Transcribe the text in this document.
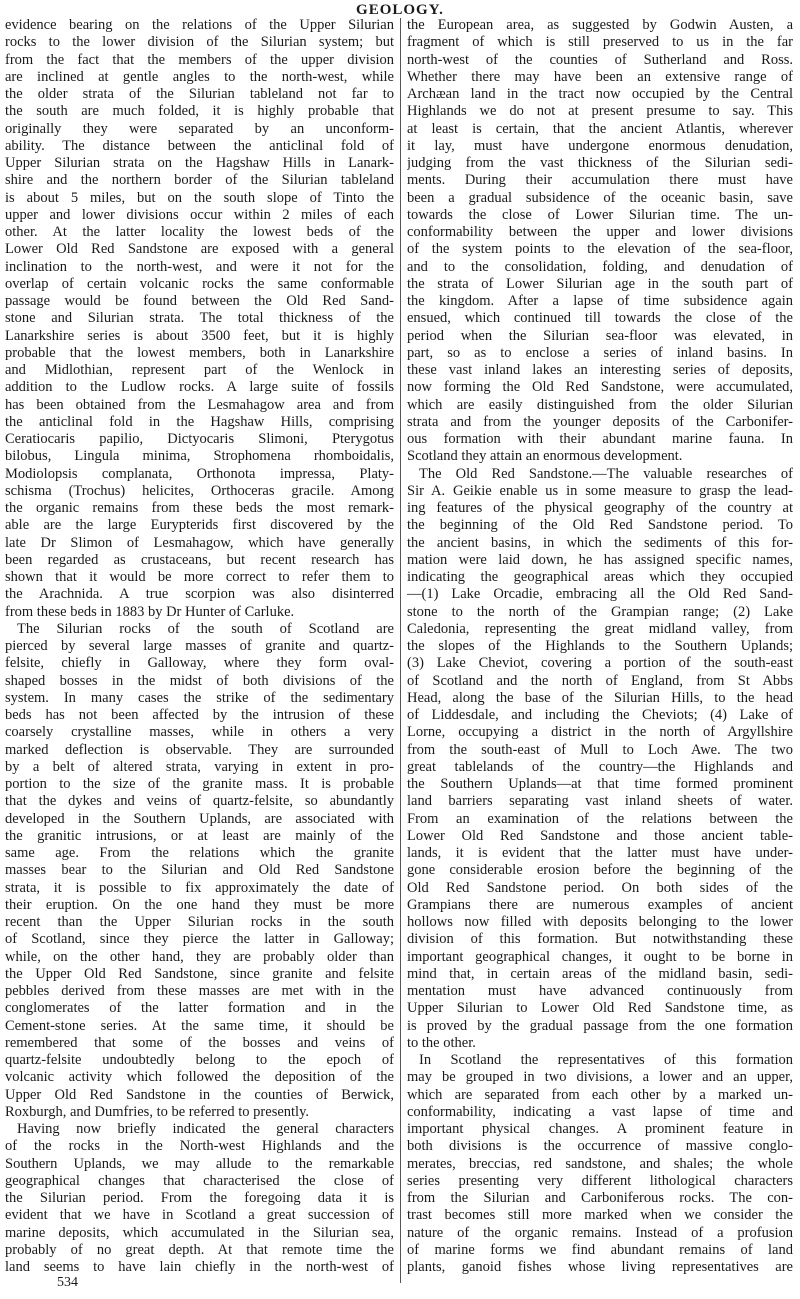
GEOLOGY.
evidence bearing on the relations of the Upper Silurian
rocks to the lower division of the Silurian system; but
from the fact that the members of the upper division
are inclined at gentle angles to the north-west, while
the older strata of the Silurian tableland not far to
the south are much folded, it is highly probable that
originally they were separated by an unconform-
ability. The distance between the anticlinal fold of
Upper Silurian strata on the Hagshaw Hills in Lanark-
shire and the northern border of the Silurian tableland
is about 5 miles, but on the south slope of Tinto the
upper and lower divisions occur within 2 miles of each
other. At the latter locality the lowest beds of the
Lower Old Red Sandstone are exposed with a general
inclination to the north-west, and were it not for the
overlap of certain volcanic rocks the same conformable
passage would be found between the Old Red Sand-
stone and Silurian strata. The total thickness of the
Lanarkshire series is about 3500 feet, but it is highly
probable that the lowest members, both in Lanarkshire
and Midlothian, represent part of the Wenlock in
addition to the Ludlow rocks. A large suite of fossils
has been obtained from the Lesmahagow area and from
the anticlinal fold in the Hagshaw Hills, comprising
Ceratiocaris papilio, Dictyocaris Slimoni, Pterygotus
bilobus, Lingula minima, Strophomena rhomboidalis,
Modiolopsis complanata, Orthonota impressa, Platy-
schisma (Trochus) helicites, Orthoceras gracile. Among
the organic remains from these beds the most remark-
able are the large Eurypterids first discovered by the
late Dr Slimon of Lesmahagow, which have generally
been regarded as crustaceans, but recent research has
shown that it would be more correct to refer them to
the Arachnida. A true scorpion was also disinterred
from these beds in 1883 by Dr Hunter of Carluke.
The Silurian rocks of the south of Scotland are
pierced by several large masses of granite and quartz-
felsite, chiefly in Galloway, where they form oval-
shaped bosses in the midst of both divisions of the
system. In many cases the strike of the sedimentary
beds has not been affected by the intrusion of these
coarsely crystalline masses, while in others a very
marked deflection is observable. They are surrounded
by a belt of altered strata, varying in extent in pro-
portion to the size of the granite mass. It is probable
that the dykes and veins of quartz-felsite, so abundantly
developed in the Southern Uplands, are associated with
the granitic intrusions, or at least are mainly of the
same age. From the relations which the granite
masses bear to the Silurian and Old Red Sandstone
strata, it is possible to fix approximately the date of
their eruption. On the one hand they must be more
recent than the Upper Silurian rocks in the south
of Scotland, since they pierce the latter in Galloway;
while, on the other hand, they are probably older than
the Upper Old Red Sandstone, since granite and felsite
pebbles derived from these masses are met with in the
conglomerates of the latter formation and in the
Cement-stone series. At the same time, it should be
remembered that some of the bosses and veins of
quartz-felsite undoubtedly belong to the epoch of
volcanic activity which followed the deposition of the
Upper Old Red Sandstone in the counties of Berwick,
Roxburgh, and Dumfries, to be referred to presently.
Having now briefly indicated the general characters
of the rocks in the North-west Highlands and the
Southern Uplands, we may allude to the remarkable
geographical changes that characterised the close of
the Silurian period. From the foregoing data it is
evident that we have in Scotland a great succession of
marine deposits, which accumulated in the Silurian sea,
probably of no great depth. At that remote time the
land seems to have lain chiefly in the north-west of
the European area, as suggested by Godwin Austen, a
fragment of which is still preserved to us in the far
north-west of the counties of Sutherland and Ross.
Whether there may have been an extensive range of
Archæan land in the tract now occupied by the Central
Highlands we do not at present presume to say. This
at least is certain, that the ancient Atlantis, wherever
it lay, must have undergone enormous denudation,
judging from the vast thickness of the Silurian sedi-
ments. During their accumulation there must have
been a gradual subsidence of the oceanic basin, save
towards the close of Lower Silurian time. The un-
conformability between the upper and lower divisions
of the system points to the elevation of the sea-floor,
and to the consolidation, folding, and denudation of
the strata of Lower Silurian age in the south part of
the kingdom. After a lapse of time subsidence again
ensued, which continued till towards the close of the
period when the Silurian sea-floor was elevated, in
part, so as to enclose a series of inland basins. In
these vast inland lakes an interesting series of deposits,
now forming the Old Red Sandstone, were accumulated,
which are easily distinguished from the older Silurian
strata and from the younger deposits of the Carbonifer-
ous formation with their abundant marine fauna. In
Scotland they attain an enormous development.
The Old Red Sandstone.—The valuable researches of
Sir A. Geikie enable us in some measure to grasp the lead-
ing features of the physical geography of the country at
the beginning of the Old Red Sandstone period. To
the ancient basins, in which the sediments of this for-
mation were laid down, he has assigned specific names,
indicating the geographical areas which they occupied
—(1) Lake Orcadie, embracing all the Old Red Sand-
stone to the north of the Grampian range; (2) Lake
Caledonia, representing the great midland valley, from
the slopes of the Highlands to the Southern Uplands;
(3) Lake Cheviot, covering a portion of the south-east
of Scotland and the north of England, from St Abbs
Head, along the base of the Silurian Hills, to the head
of Liddesdale, and including the Cheviots; (4) Lake of
Lorne, occupying a district in the north of Argyllshire
from the south-east of Mull to Loch Awe. The two
great tablelands of the country—the Highlands and
the Southern Uplands—at that time formed prominent
land barriers separating vast inland sheets of water.
From an examination of the relations between the
Lower Old Red Sandstone and those ancient table-
lands, it is evident that the latter must have under-
gone considerable erosion before the beginning of the
Old Red Sandstone period. On both sides of the
Grampians there are numerous examples of ancient
hollows now filled with deposits belonging to the lower
division of this formation. But notwithstanding these
important geographical changes, it ought to be borne in
mind that, in certain areas of the midland basin, sedi-
mentation must have advanced continuously from
Upper Silurian to Lower Old Red Sandstone time, as
is proved by the gradual passage from the one formation
to the other.
In Scotland the representatives of this formation
may be grouped in two divisions, a lower and an upper,
which are separated from each other by a marked un-
conformability, indicating a vast lapse of time and
important physical changes. A prominent feature in
both divisions is the occurrence of massive conglo-
merates, breccias, red sandstone, and shales; the whole
series presenting very different lithological characters
from the Silurian and Carboniferous rocks. The con-
trast becomes still more marked when we consider the
nature of the organic remains. Instead of a profusion
of marine forms we find abundant remains of land
plants, ganoid fishes whose living representatives are
534
